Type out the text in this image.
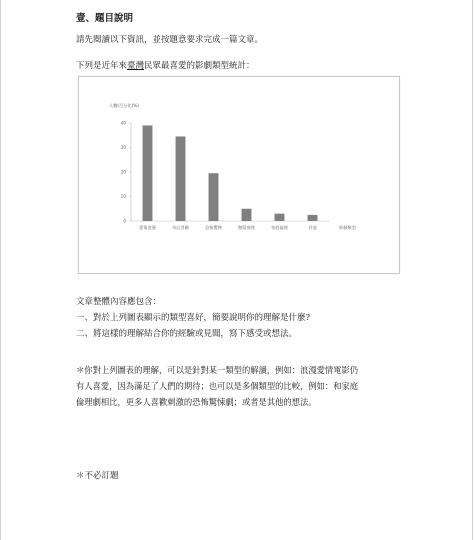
壹、題目說明
請先閱讀以下資訊，並按題意要求完成一篇文章。
下列是近年來臺灣民眾最喜愛的影劇類型統計：
人數(百分比(%)
0
10
20
30
40
愛情浪漫	奇幻冒險	恐怖驚悚	懸疑推理	家庭倫理	其他	影劇類型
文章整體內容應包含：
一、對於上列圖表顯示的類型喜好，簡要說明你的理解是什麼?
二、將這樣的理解結合你的經驗或見聞，寫下感受或想法。
＊你對上列圖表的理解，可以是針對某一類型的解讀，例如：浪漫愛情電影仍
有人喜愛，因為滿足了人們的期待；也可以是多個類型的比較，例如：和家庭
倫理劇相比，更多人喜歡刺激的恐怖驚悚劇；或者是其他的想法。
＊不必訂題
